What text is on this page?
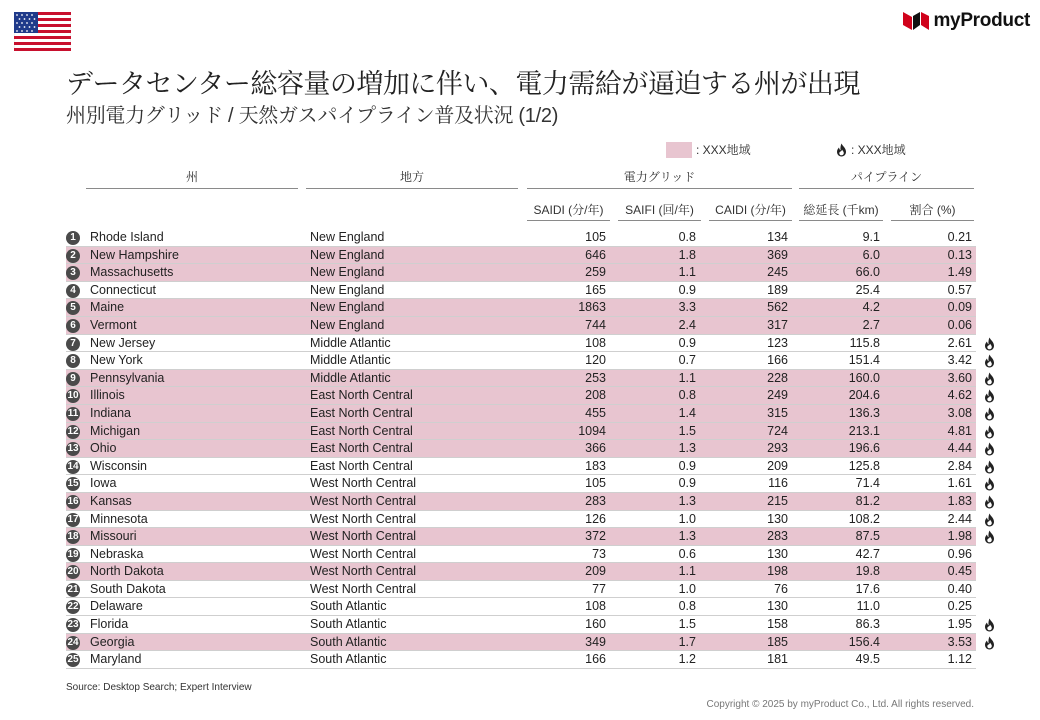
myProduct
データセンター総容量の増加に伴い、電力需給が逼迫する州が出現
州別電力グリッド / 天然ガスパイプライン普及状況 (1/2)
: XXX地域	: XXX地域
州	地方	電力グリッド	パイプライン
SAIDI (分/年)	SAIFI (回/年)	CAIDI (分/年)	総延長 (千km)	割合 (%)
1	Rhode Island	New England	105	0.8	134	9.1	0.21
2	New Hampshire	New England	646	1.8	369	6.0	0.13
3	Massachusetts	New England	259	1.1	245	66.0	1.49
4	Connecticut	New England	165	0.9	189	25.4	0.57
5	Maine	New England	1863	3.3	562	4.2	0.09
6	Vermont	New England	744	2.4	317	2.7	0.06
7	New Jersey	Middle Atlantic	108	0.9	123	115.8	2.61
8	New York	Middle Atlantic	120	0.7	166	151.4	3.42
9	Pennsylvania	Middle Atlantic	253	1.1	228	160.0	3.60
10 Illinois	East North Central	208	0.8	249	204.6	4.62
11 Indiana	East North Central	455	1.4	315	136.3	3.08
12 Michigan	East North Central	1094	1.5	724	213.1	4.81
13 Ohio	East North Central	366	1.3	293	196.6	4.44
14 Wisconsin	East North Central	183	0.9	209	125.8	2.84
15 Iowa	West North Central	105	0.9	116	71.4	1.61
16 Kansas	West North Central	283	1.3	215	81.2	1.83
17 Minnesota	West North Central	126	1.0	130	108.2	2.44
18 Missouri	West North Central	372	1.3	283	87.5	1.98
19 Nebraska	West North Central	73	0.6	130	42.7	0.96
20 North Dakota	West North Central	209	1.1	198	19.8	0.45
21 South Dakota	West North Central	77	1.0	76	17.6	0.40
22 Delaware	South Atlantic	108	0.8	130	11.0	0.25
23 Florida	South Atlantic	160	1.5	158	86.3	1.95
24 Georgia	South Atlantic	349	1.7	185	156.4	3.53
25 Maryland	South Atlantic	166	1.2	181	49.5	1.12
Source: Desktop Search; Expert Interview
Copyright © 2025 by myProduct Co., Ltd. All rights reserved.
